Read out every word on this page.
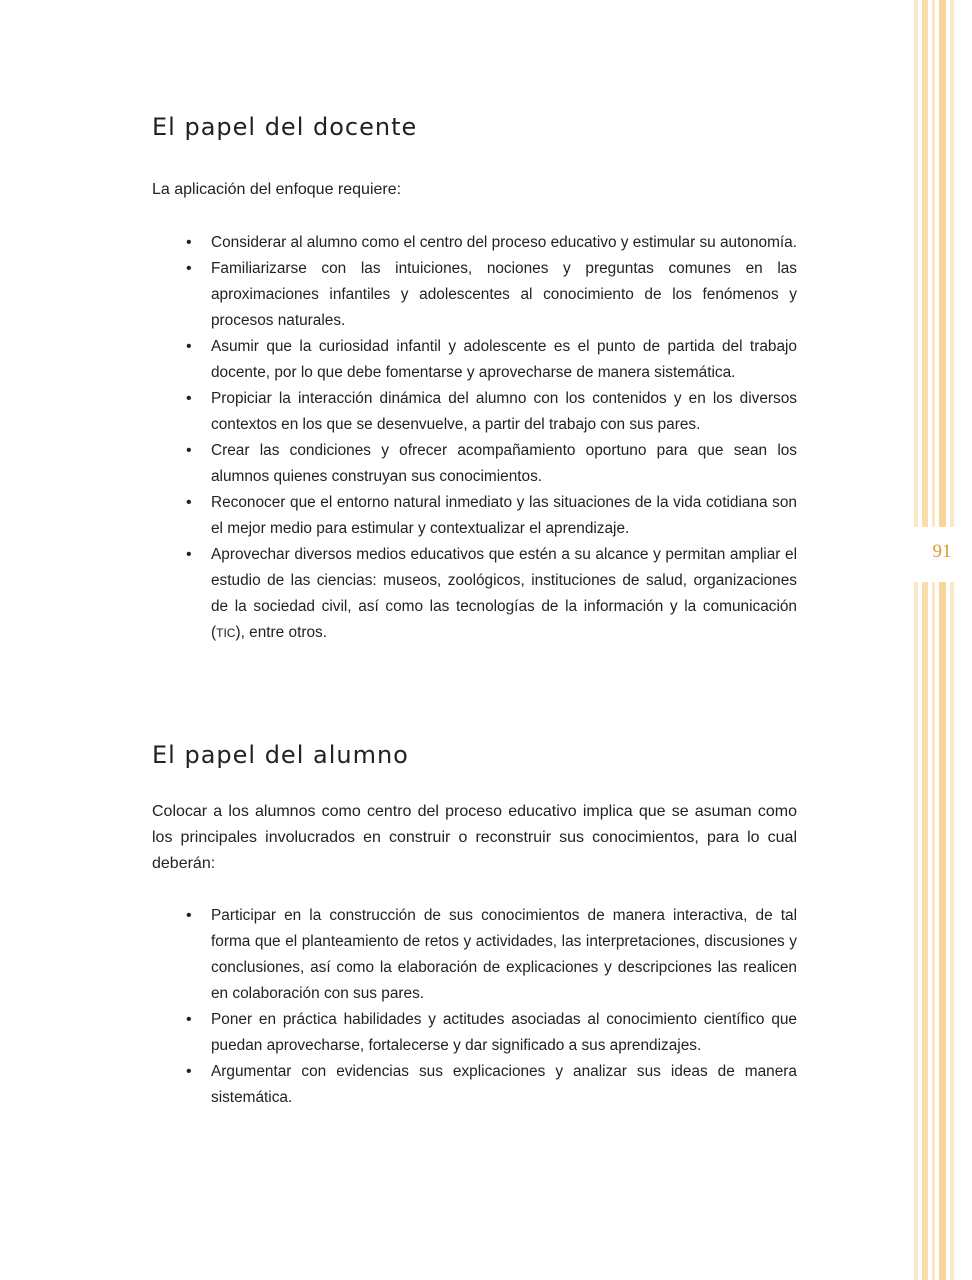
91
El papel del docente

La aplicación del enfoque requiere:

• Considerar al alumno como el centro del proceso educativo y estimular su autonomía.
• Familiarizarse con las intuiciones, nociones y preguntas comunes en las aproximaciones infantiles y adolescentes al conocimiento de los fenómenos y procesos naturales.
• Asumir que la curiosidad infantil y adolescente es el punto de partida del trabajo docente, por lo que debe fomentarse y aprovecharse de manera sistemática.
• Propiciar la interacción dinámica del alumno con los contenidos y en los diversos contextos en los que se desenvuelve, a partir del trabajo con sus pares.
• Crear las condiciones y ofrecer acompañamiento oportuno para que sean los alumnos quienes construyan sus conocimientos.
• Reconocer que el entorno natural inmediato y las situaciones de la vida cotidiana son el mejor medio para estimular y contextualizar el aprendizaje.
• Aprovechar diversos medios educativos que estén a su alcance y permitan ampliar el estudio de las ciencias: museos, zoológicos, instituciones de salud, organizaciones de la sociedad civil, así como las tecnologías de la información y la comunicación (TIC), entre otros.
El papel del alumno

Colocar a los alumnos como centro del proceso educativo implica que se asuman como los principales involucrados en construir o reconstruir sus conocimientos, para lo cual deberán:

• Participar en la construcción de sus conocimientos de manera interactiva, de tal forma que el planteamiento de retos y actividades, las interpretaciones, discusiones y conclusiones, así como la elaboración de explicaciones y descripciones las realicen en colaboración con sus pares.
• Poner en práctica habilidades y actitudes asociadas al conocimiento científico que puedan aprovecharse, fortalecerse y dar significado a sus aprendizajes.
• Argumentar con evidencias sus explicaciones y analizar sus ideas de manera sistemática.
